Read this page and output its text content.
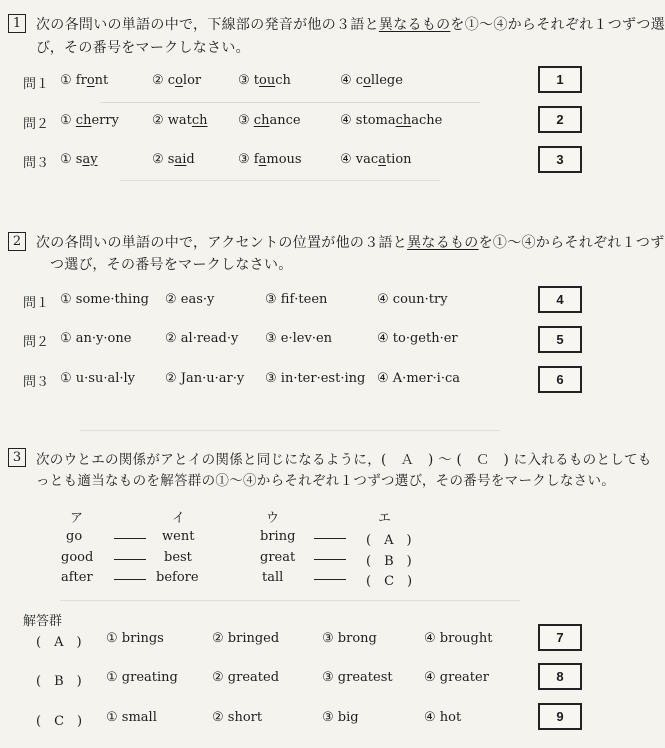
1	次の各問いの単語の中で，下線部の発音が他の３語と異なるものを①～④からそれぞれ１つずつ選
び，その番号をマークしなさい。
問１ ① front	② color	③ touch	④ college	1
問２ ① cherry	② watch ③ chance	④ stomachache	2
問３ ① say	② said	③ famous	④ vacation	3
2	次の各問いの単語の中で，アクセントの位置が他の３語と異なるものを①～④からそれぞれ１つず
つ選び，その番号をマークしなさい。
問１ ① some·thing ② eas·y	③ fif·teen	④ coun·try	4
問２ ① an·y·one	② al·read·y ③ e·lev·en	④ to·geth·er	5
問３ ① u·su·al·ly ② Jan·u·ar·y ③ in·ter·est·ing ④ A·mer·i·ca	6
3	次のウとエの関係がアとイの関係と同じになるように，(　Ａ　) ～ (　Ｃ　) に入れるものとしても
っとも適当なものを解答群の①～④からそれぞれ１つずつ選び，その番号をマークしなさい。
ア	イ	ウ	エ
go	went	bring	(　A　)
good	best	great	(　B　)
after	before	tall	(　C　)
解答群
(　A　) ① brings	② bringed	③ brong	④ brought	7
(　B　) ① greating	② greated	③ greatest ④ greater	8
(　C　) ① small	② short	③ big	④ hot	9
